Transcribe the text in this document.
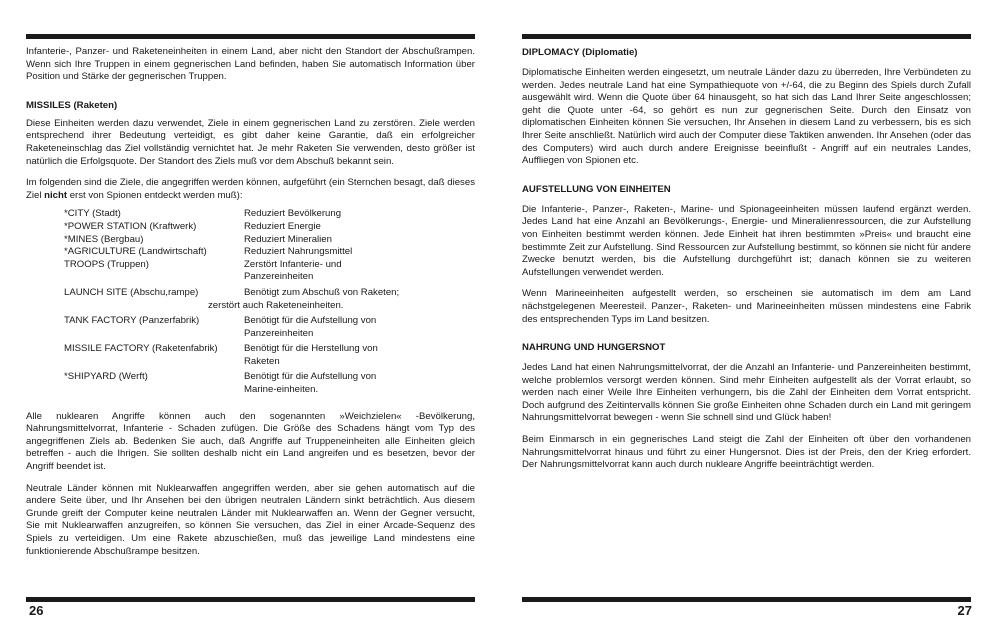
Infanterie-, Panzer- und Raketeneinheiten in einem Land, aber nicht den Standort der Abschußrampen. Wenn sich Ihre Truppen in einem gegnerischen Land befinden, haben Sie automatisch Information über Position und Stärke der gegnerischen Truppen.

MISSILES (Raketen)

Diese Einheiten werden dazu verwendet, Ziele in einem gegnerischen Land zu zerstören. Ziele werden entsprechend ihrer Bedeutung verteidigt, es gibt daher keine Garantie, daß ein erfolgreicher Raketeneinschlag das Ziel vollständig vernichtet hat. Je mehr Raketen Sie verwenden, desto größer ist natürlich die Erfolgsquote. Der Standort des Ziels muß vor dem Abschuß bekannt sein.

Im folgenden sind die Ziele, die angegriffen werden können, aufgeführt (ein Sternchen besagt, daß dieses Ziel nicht erst von Spionen entdeckt werden muß):

*CITY (Stadt)	Reduziert Bevölkerung
*POWER STATION (Kraftwerk)	Reduziert Energie
*MINES (Bergbau)	Reduziert Mineralien
*AGRICULTURE (Landwirtschaft)	Reduziert Nahrungsmittel
TROOPS (Truppen)	Zerstört Infanterie- und
Panzereinheiten
LAUNCH SITE (Abschu,rampe)	Benötigt zum Abschuß von Raketen;
zerstört auch Raketeneinheiten.
TANK FACTORY (Panzerfabrik)	Benötigt für die Aufstellung von
Panzereinheiten
MISSILE FACTORY (Raketenfabrik)	Benötigt für die Herstellung von
Raketen
*SHIPYARD (Werft)	Benötigt für die Aufstellung von
Marine-einheiten.

Alle nuklearen Angriffe können auch den sogenannten »Weichzielen« -Bevölkerung, Nahrungsmittelvorrat, Infanterie - Schaden zufügen. Die Größe des Schadens hängt vom Typ des angegriffenen Ziels ab. Bedenken Sie auch, daß Angriffe auf Truppeneinheiten alle Einheiten gleich betreffen - auch die Ihrigen. Sie sollten deshalb nicht ein Land angreifen und es besetzen, bevor der Angriff beendet ist.

Neutrale Länder können mit Nuklearwaffen angegriffen werden, aber sie gehen automatisch auf die andere Seite über, und Ihr Ansehen bei den übrigen neutralen Ländern sinkt beträchtlich. Aus diesem Grunde greift der Computer keine neutralen Länder mit Nuklearwaffen an. Wenn der Gegner versucht, Sie mit Nuklearwaffen anzugreifen, so können Sie versuchen, das Ziel in einer Arcade-Sequenz des Spiels zu verteidigen. Um eine Rakete abzuschießen, muß das jeweilige Land mindestens eine funktionierende Abschußrampe besitzen.

26
DIPLOMACY (Diplomatie)

Diplomatische Einheiten werden eingesetzt, um neutrale Länder dazu zu überreden, Ihre Verbündeten zu werden. Jedes neutrale Land hat eine Sympathiequote von +/-64, die zu Beginn des Spiels durch Zufall ausgewählt wird. Wenn die Quote über 64 hinausgeht, so hat sich das Land Ihrer Seite angeschlossen; geht die Quote unter -64, so gehört es nun zur gegnerischen Seite. Durch den Einsatz von diplomatischen Einheiten können Sie versuchen, Ihr Ansehen in diesem Land zu verbessern, bis es sich Ihrer Seite anschließt. Natürlich wird auch der Computer diese Taktiken anwenden. Ihr Ansehen (oder das des Computers) wird auch durch andere Ereignisse beeinflußt - Angriff auf ein neutrales Landes, Auffliegen von Spionen etc.

AUFSTELLUNG VON EINHEITEN

Die Infanterie-, Panzer-, Raketen-, Marine- und Spionageeinheiten müssen laufend ergänzt werden. Jedes Land hat eine Anzahl an Bevölkerungs-, Energie- und Mineralienressourcen, die zur Aufstellung von Einheiten bestimmt werden können. Jede Einheit hat ihren bestimmten »Preis« und braucht eine bestimmte Zeit zur Aufstellung. Sind Ressourcen zur Aufstellung bestimmt, so können sie nicht für andere Zwecke benutzt werden, bis die Aufstellung durchgeführt ist; danach können sie zu weiteren Aufstellungen verwendet werden.

Wenn Marineeinheiten aufgestellt werden, so erscheinen sie automatisch im dem am Land nächstgelegenen Meeresteil. Panzer-, Raketen- und Marineeinheiten müssen mindestens eine Fabrik des entsprechenden Typs im Land besitzen.

NAHRUNG UND HUNGERSNOT

Jedes Land hat einen Nahrungsmittelvorrat, der die Anzahl an Infanterie- und Panzereinheiten bestimmt, welche problemlos versorgt werden können. Sind mehr Einheiten aufgestellt als der Vorrat erlaubt, so werden nach einer Weile Ihre Einheiten verhungern, bis die Zahl der Einheiten dem Vorrat entspricht. Doch aufgrund des Zeitintervalls können Sie große Einheiten ohne Schaden durch ein Land mit geringem Nahrungsmittelvorrat bewegen - wenn Sie schnell sind und Glück haben!

Beim Einmarsch in ein gegnerisches Land steigt die Zahl der Einheiten oft über den vorhandenen Nahrungsmittelvorrat hinaus und führt zu einer Hungersnot. Dies ist der Preis, den der Krieg erfordert. Der Nahrungsmittelvorrat kann auch durch nukleare Angriffe beeinträchtigt werden.

27
